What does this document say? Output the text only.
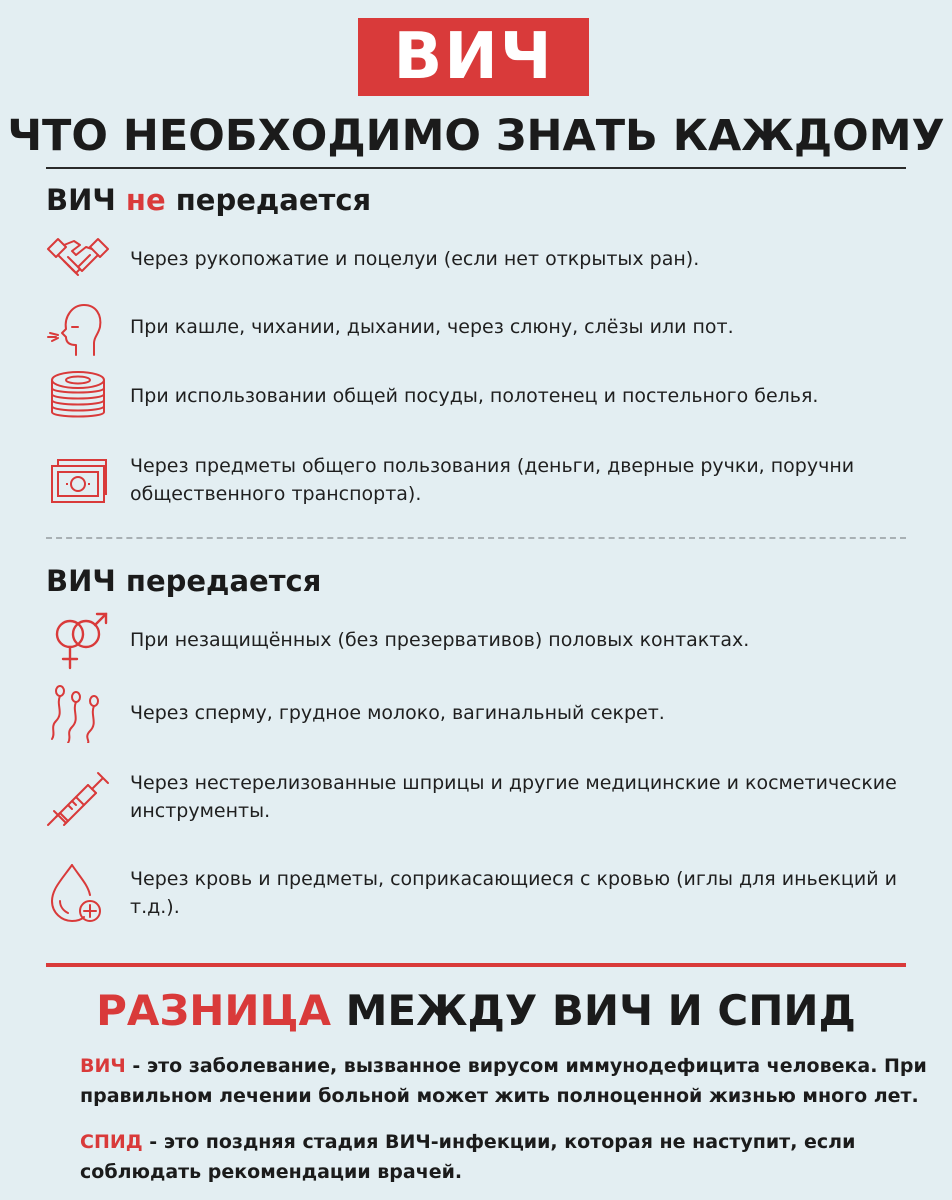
ВИЧ
ЧТО НЕОБХОДИМО ЗНАТЬ КАЖДОМУ
ВИЧ не передается
Через рукопожатие и поцелуи (если нет открытых ран).
При кашле, чихании, дыхании, через слюну, слёзы или пот.
При использовании общей посуды, полотенец и постельного белья.
Через предметы общего пользования (деньги, дверные ручки, поручни общественного транспорта).
ВИЧ передается
При незащищённых (без презервативов) половых контактах.
Через сперму, грудное молоко, вагинальный секрет.
Через нестерелизованные шприцы и другие медицинские и косметические инструменты.
Через кровь и предметы, соприкасающиеся с кровью (иглы для иньекций и т.д.).
РАЗНИЦА МЕЖДУ ВИЧ И СПИД
ВИЧ - это заболевание, вызванное вирусом иммунодефицита человека. При правильном лечении больной может жить полноценной жизнью много лет.
СПИД - это поздняя стадия ВИЧ-инфекции, которая не наступит, если соблюдать рекомендации врачей.
